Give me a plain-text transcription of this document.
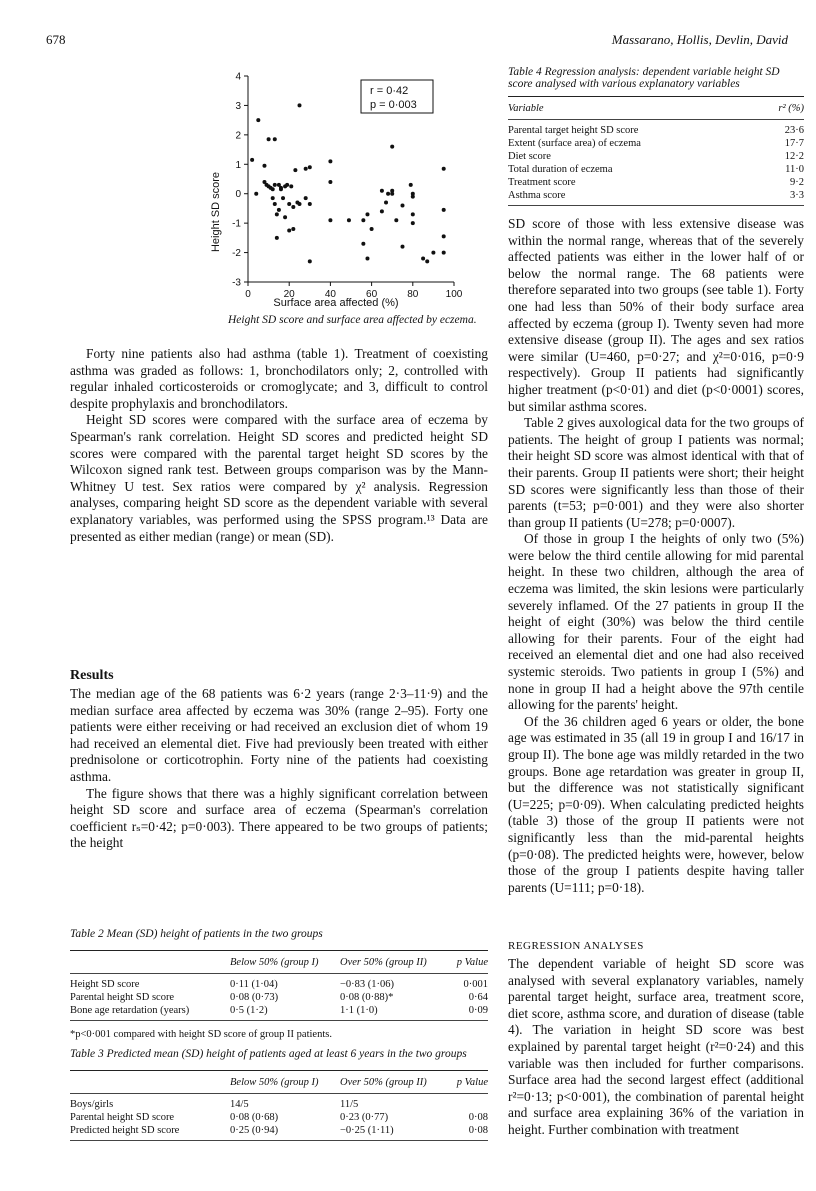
678	Massarano, Hollis, Devlin, David
4
3
2
1
0
-1
-2
-3
0	20	40	60	80	100
Height SD score
Surface area affected (%)
r = 0·42
p = 0·003
Height SD score and surface area affected by eczema.

Forty nine patients also had asthma (table 1). Treatment of coexisting asthma was graded as follows: 1, bronchodilators only; 2, controlled with regular inhaled corticosteroids or cromoglycate; and 3, difficult to control despite prophylaxis and bronchodilators.

Height SD scores were compared with the surface area of eczema by Spearman's rank correlation. Height SD scores and predicted height SD scores were compared with the parental target height SD scores by the Wilcoxon signed rank test. Between groups comparison was by the Mann-Whitney U test. Sex ratios were compared by χ² analysis. Regression analyses, comparing height SD score as the dependent variable with several explanatory variables, was performed using the SPSS program.¹³ Data are presented as either median (range) or mean (SD).

Results

The median age of the 68 patients was 6·2 years (range 2·3–11·9) and the median surface area affected by eczema was 30% (range 2–95). Forty one patients were either receiving or had received an exclusion diet of whom 19 had received an elemental diet. Five had previously been treated with either prednisolone or corticotrophin. Forty nine of the patients had coexisting asthma.

The figure shows that there was a highly significant correlation between height SD score and surface area of eczema (Spearman's correlation coefficient rₛ=0·42; p=0·003). There appeared to be two groups of patients; the height

Table 4 Regression analysis: dependent variable height SD score analysed with various explanatory variables
Variable	r² (%)
Parental target height SD score	23·6
Extent (surface area) of eczema	17·7
Diet score	12·2
Total duration of eczema	11·0
Treatment score	9·2
Asthma score	3·3

SD score of those with less extensive disease was within the normal range, whereas that of the severely affected patients was either in the lower half of or below the normal range. The 68 patients were therefore separated into two groups (see table 1). Forty one had less than 50% of their body surface area affected by eczema (group I). Twenty seven had more extensive disease (group II). The ages and sex ratios were similar (U=460, p=0·27; and χ²=0·016, p=0·9 respectively). Group II patients had significantly higher treatment (p<0·01) and diet (p<0·0001) scores, but similar asthma scores.

Table 2 gives auxological data for the two groups of patients. The height of group I patients was normal; their height SD score was almost identical with that of their parents. Group II patients were short; their height SD scores were significantly less than those of their parents (t=53; p=0·001) and they were also shorter than group II patients (U=278; p=0·0007).

Of those in group I the heights of only two (5%) were below the third centile allowing for mid parental height. In these two children, although the area of eczema was limited, the skin lesions were particularly severely inflamed. Of the 27 patients in group II the height of eight (30%) was below the third centile allowing for their parents. Four of the eight had received an elemental diet and one had also received systemic steroids. Two patients in group I (5%) and none in group II had a height above the 97th centile allowing for the parents' height.

Of the 36 children aged 6 years or older, the bone age was estimated in 35 (all 19 in group I and 16/17 in group II). The bone age was mildly retarded in the two groups. Bone age retardation was greater in group II, but the difference was not statistically significant (U=225; p=0·09). When calculating predicted heights (table 3) those of the group II patients were not significantly less than the mid-parental heights (p=0·08). The predicted heights were, however, below those of the group I patients despite having taller parents (U=111; p=0·18).

REGRESSION ANALYSES

The dependent variable of height SD score was analysed with several explanatory variables, namely parental target height, surface area, treatment score, diet score, asthma score, and duration of disease (table 4). The variation in height SD score was best explained by parental target height (r²=0·24) and this variable was then included for further comparisons. Surface area had the second largest effect (additional r²=0·13; p<0·001), the combination of parental height and surface area explaining 36% of the variation in height. Further combination with treatment

Table 2 Mean (SD) height of patients in the two groups
	Below 50% (group I)	Over 50% (group II)	p Value
Height SD score	0·11 (1·04)	−0·83 (1·06)	0·001
Parental height SD score	0·08 (0·73)	0·08 (0·88)*	0·64
Bone age retardation (years)	0·5 (1·2)	1·1 (1·0)	0·09
*p<0·001 compared with height SD score of group II patients.
Table 3 Predicted mean (SD) height of patients aged at least 6 years in the two groups
	Below 50% (group I)	Over 50% (group II)	p Value
Boys/girls	14/5	11/5	
Parental height SD score	0·08 (0·68)	0·23 (0·77)	0·08
Predicted height SD score	0·25 (0·94)	−0·25 (1·11)	0·08
